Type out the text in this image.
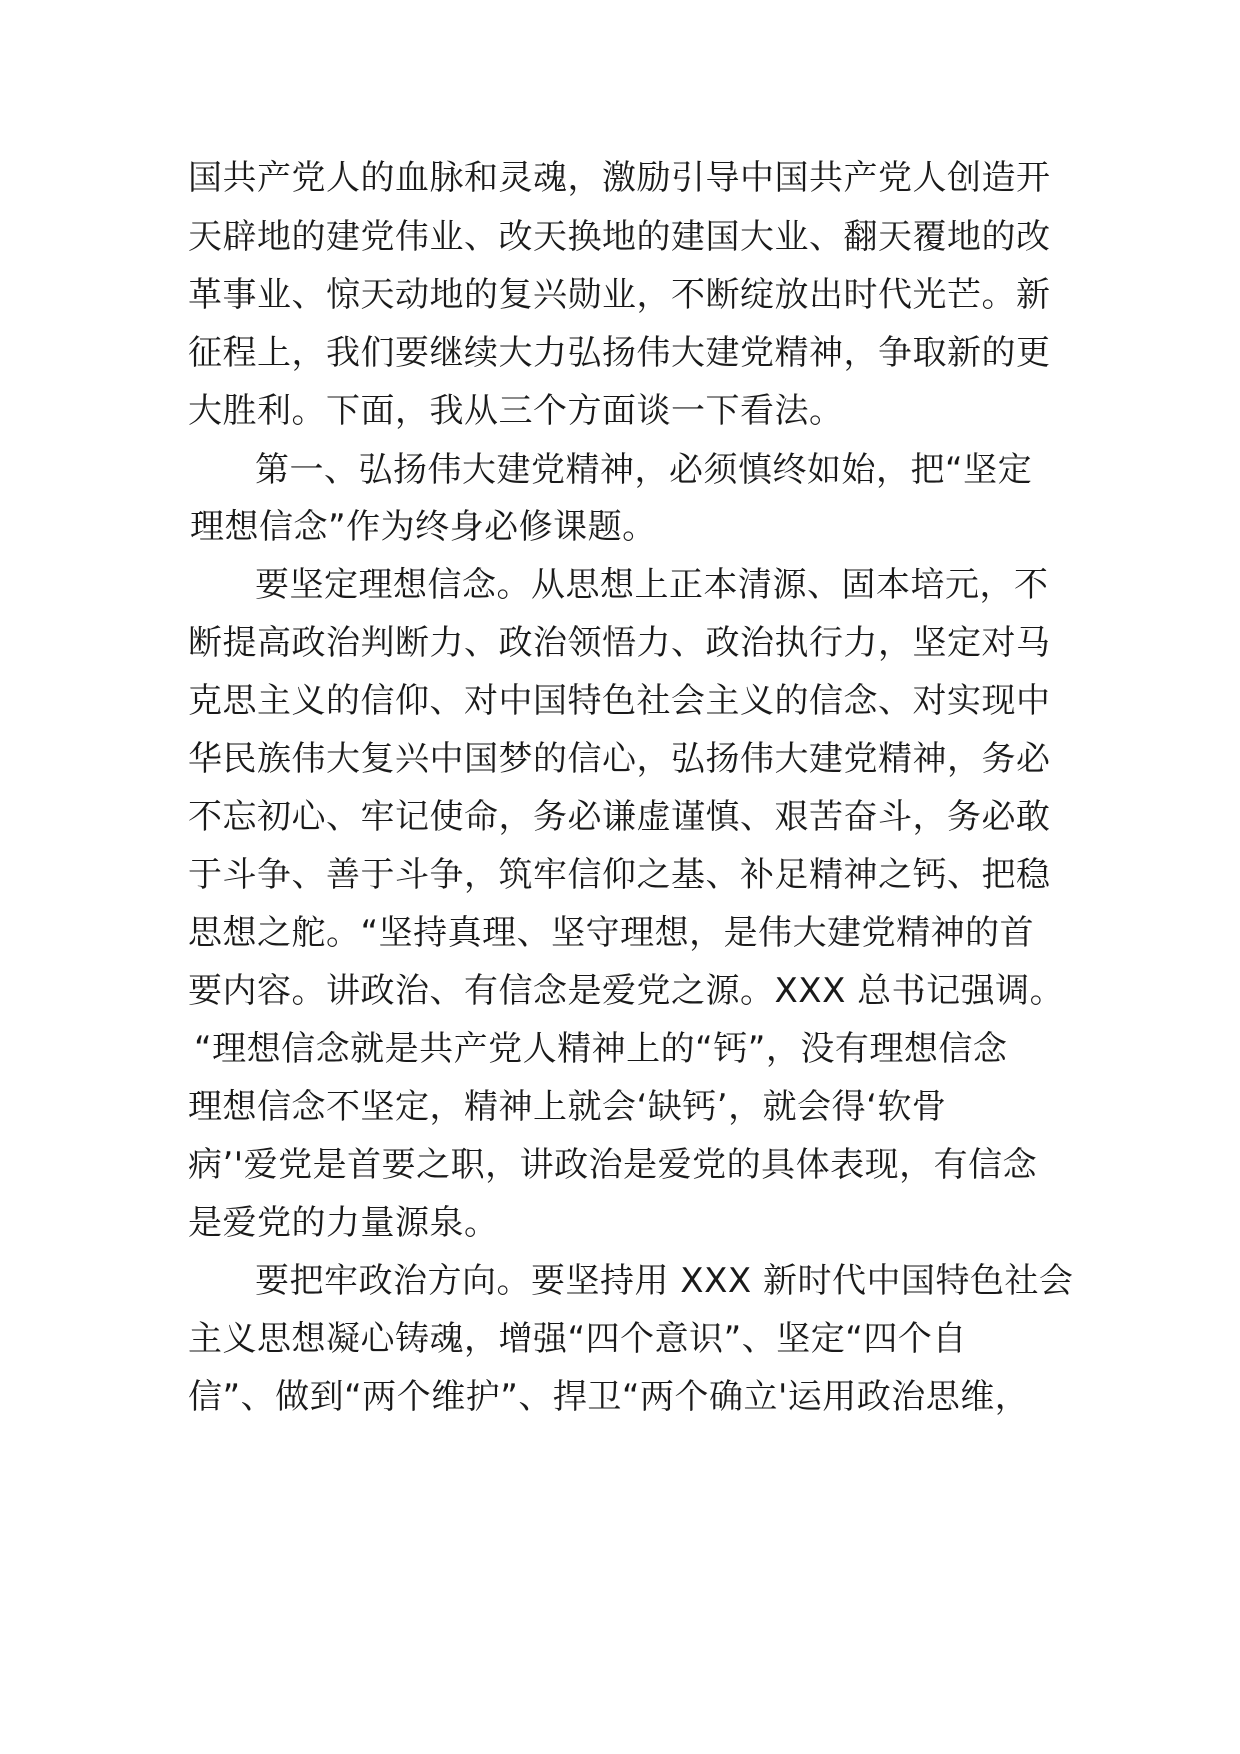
国共产党人的血脉和灵魂，激励引导中国共产党人创造开
天辟地的建党伟业、改天换地的建国大业、翻天覆地的改
革事业、惊天动地的复兴勋业，不断绽放出时代光芒。新
征程上，我们要继续大力弘扬伟大建党精神，争取新的更
大胜利。下面，我从三个方面谈一下看法。
第一、弘扬伟大建党精神，必须慎终如始，把“坚定
理想信念”作为终身必修课题。
要坚定理想信念。从思想上正本清源、固本培元，不
断提高政治判断力、政治领悟力、政治执行力，坚定对马
克思主义的信仰、对中国特色社会主义的信念、对实现中
华民族伟大复兴中国梦的信心，弘扬伟大建党精神，务必
不忘初心、牢记使命，务必谦虚谨慎、艰苦奋斗，务必敢
于斗争、善于斗争，筑牢信仰之基、补足精神之钙、把稳
思想之舵。“坚持真理、坚守理想，是伟大建党精神的首
要内容。讲政治、有信念是爱党之源。XXX 总书记强调。
“理想信念就是共产党人精神上的“钙”，没有理想信念
理想信念不坚定，精神上就会‘缺钙’，就会得‘软骨
病’'爱党是首要之职，讲政治是爱党的具体表现，有信念
是爱党的力量源泉。
要把牢政治方向。要坚持用 XXX 新时代中国特色社会
主义思想凝心铸魂，增强“四个意识”、坚定“四个自
信”、做到“两个维护”、捍卫“两个确立'运用政治思维，
